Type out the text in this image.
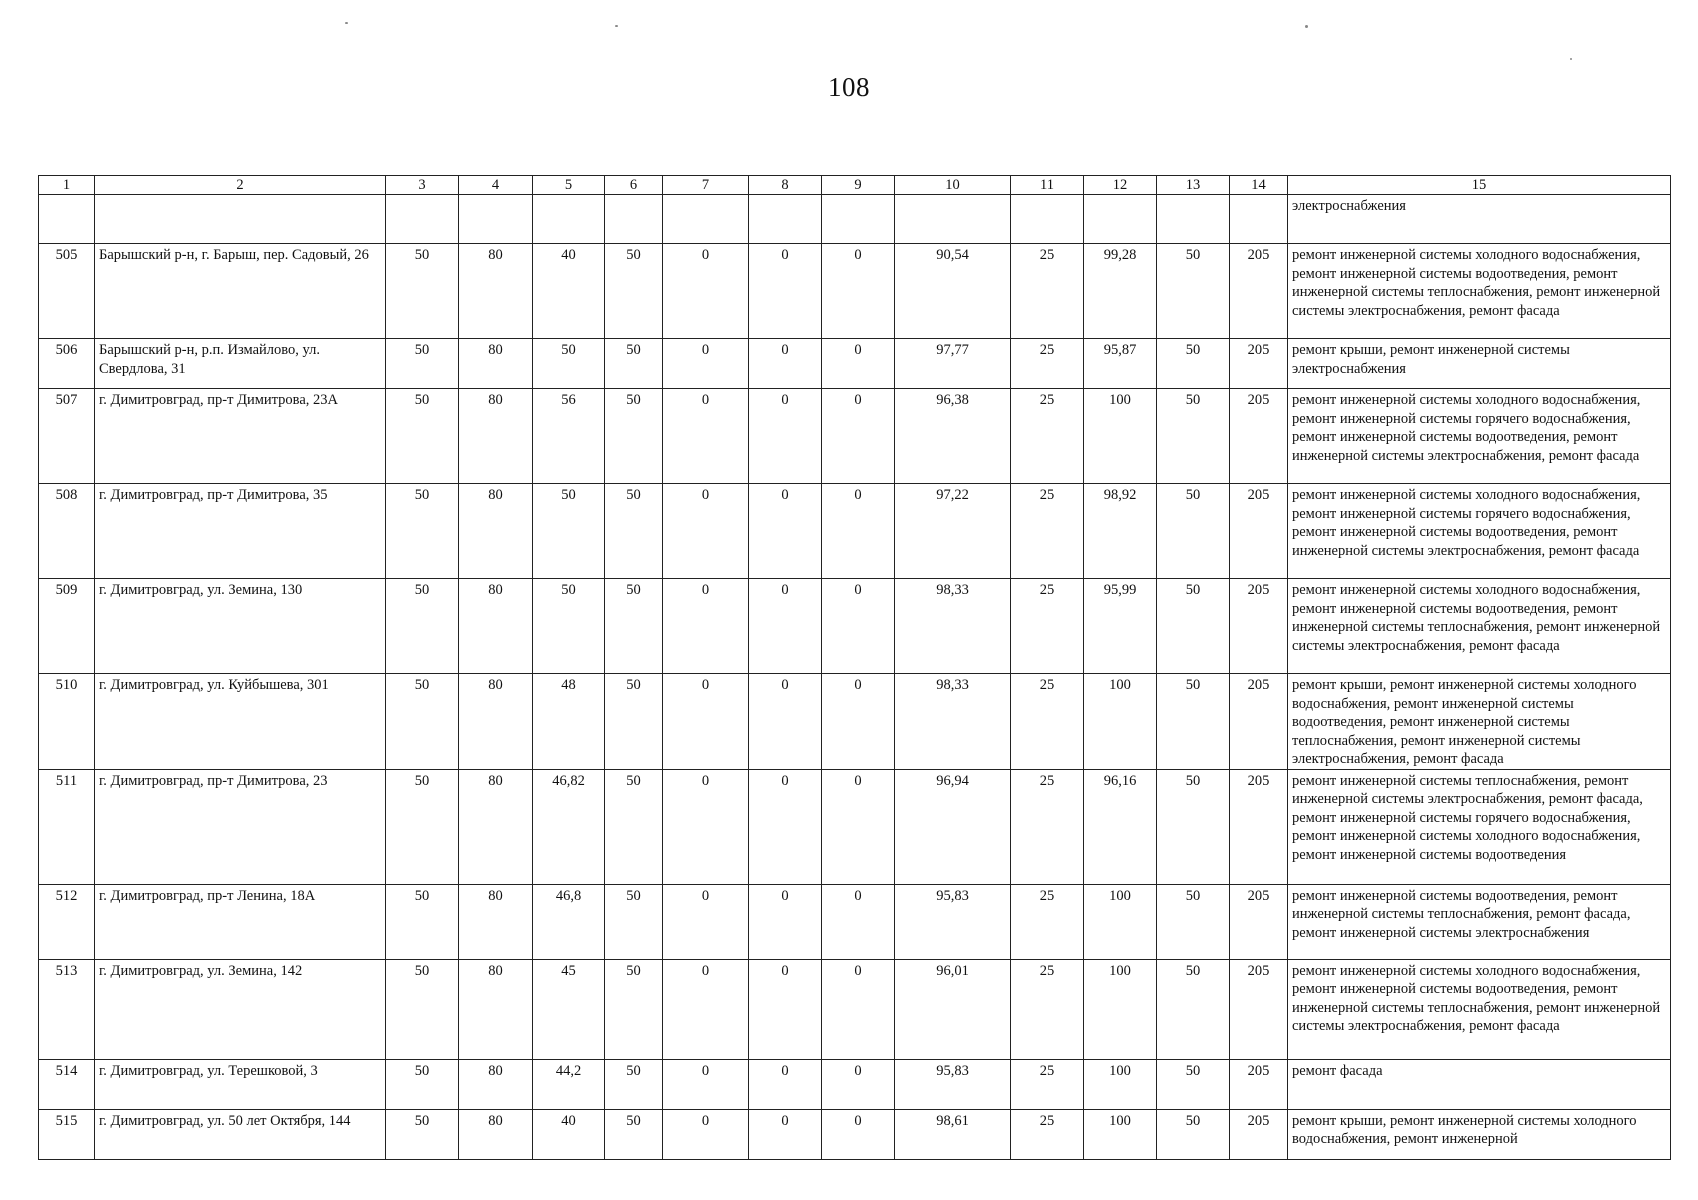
108
1	2	3	4	5	6	7	8	9	10	11	12	13	14	15
														электроснабжения
505	Барышский р-н, г. Барыш, пер. Садовый, 26	50	80	40	50	0	0	0	90,54	25	99,28	50	205	ремонт инженерной системы холодного водоснабжения, ремонт инженерной системы водоотведения, ремонт инженерной системы теплоснабжения, ремонт инженерной системы электроснабжения, ремонт фасада
506	Барышский р-н, р.п. Измайлово, ул. Свердлова, 31	50	80	50	50	0	0	0	97,77	25	95,87	50	205	ремонт крыши, ремонт инженерной системы электроснабжения
507	г. Димитровград, пр-т Димитрова, 23А	50	80	56	50	0	0	0	96,38	25	100	50	205	ремонт инженерной системы холодного водоснабжения, ремонт инженерной системы горячего водоснабжения, ремонт инженерной системы водоотведения, ремонт инженерной системы электроснабжения, ремонт фасада
508	г. Димитровград, пр-т Димитрова, 35	50	80	50	50	0	0	0	97,22	25	98,92	50	205	ремонт инженерной системы холодного водоснабжения, ремонт инженерной системы горячего водоснабжения, ремонт инженерной системы водоотведения, ремонт инженерной системы электроснабжения, ремонт фасада
509	г. Димитровград, ул. Земина, 130	50	80	50	50	0	0	0	98,33	25	95,99	50	205	ремонт инженерной системы холодного водоснабжения, ремонт инженерной системы водоотведения, ремонт инженерной системы теплоснабжения, ремонт инженерной системы электроснабжения, ремонт фасада
510	г. Димитровград, ул. Куйбышева, 301	50	80	48	50	0	0	0	98,33	25	100	50	205	ремонт крыши, ремонт инженерной системы холодного водоснабжения, ремонт инженерной системы водоотведения, ремонт инженерной системы теплоснабжения, ремонт инженерной системы электроснабжения, ремонт фасада
511	г. Димитровград, пр-т Димитрова, 23	50	80	46,82	50	0	0	0	96,94	25	96,16	50	205	ремонт инженерной системы теплоснабжения, ремонт инженерной системы электроснабжения, ремонт фасада, ремонт инженерной системы горячего водоснабжения, ремонт инженерной системы холодного водоснабжения, ремонт инженерной системы водоотведения
512	г. Димитровград, пр-т Ленина, 18А	50	80	46,8	50	0	0	0	95,83	25	100	50	205	ремонт инженерной системы водоотведения, ремонт инженерной системы теплоснабжения, ремонт фасада, ремонт инженерной системы электроснабжения
513	г. Димитровград, ул. Земина, 142	50	80	45	50	0	0	0	96,01	25	100	50	205	ремонт инженерной системы холодного водоснабжения, ремонт инженерной системы водоотведения, ремонт инженерной системы теплоснабжения, ремонт инженерной системы электроснабжения, ремонт фасада
514	г. Димитровград, ул. Терешковой, 3	50	80	44,2	50	0	0	0	95,83	25	100	50	205	ремонт фасада
515	г. Димитровград, ул. 50 лет Октября, 144	50	80	40	50	0	0	0	98,61	25	100	50	205	ремонт крыши, ремонт инженерной системы холодного водоснабжения, ремонт инженерной
